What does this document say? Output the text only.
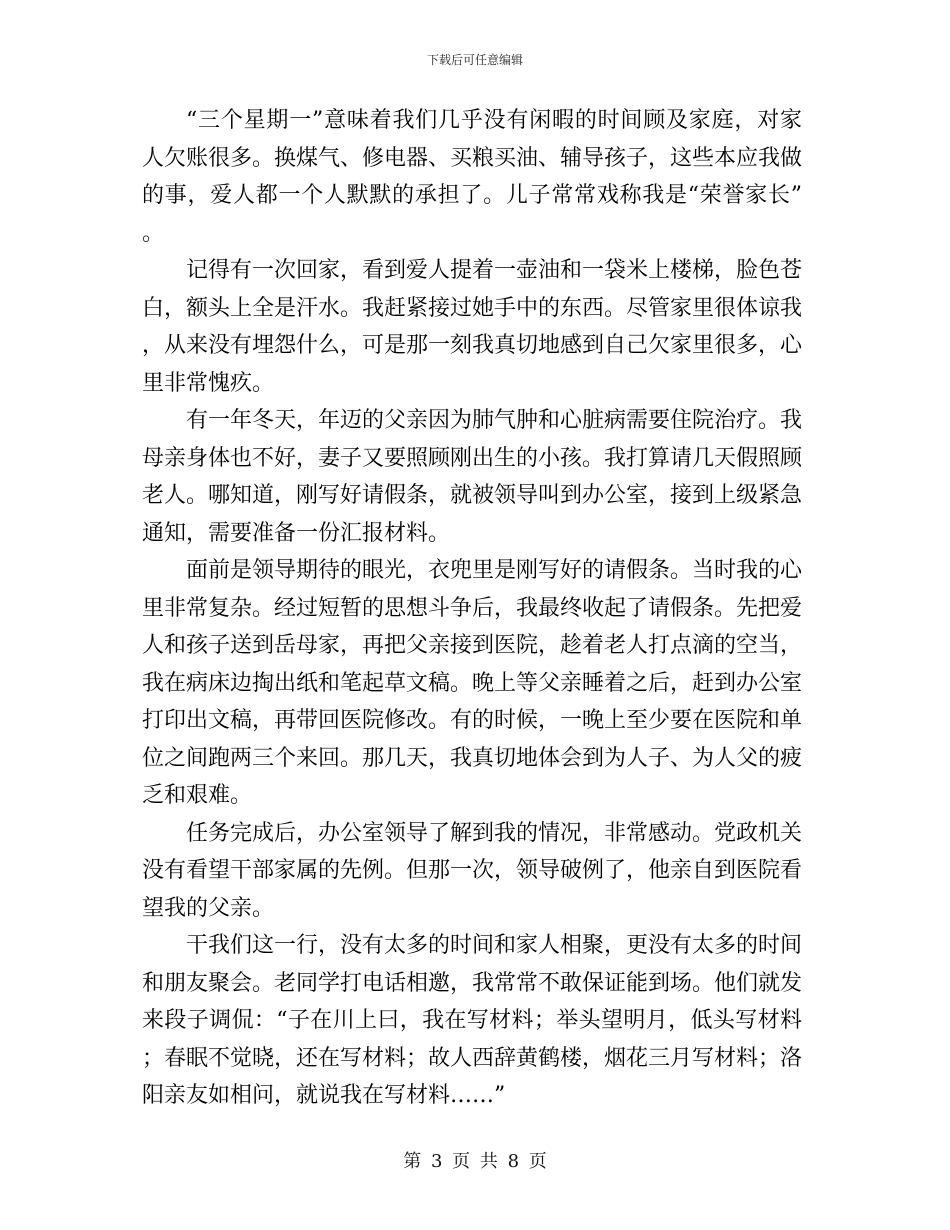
下载后可任意编辑

“三个星期一”意味着我们几乎没有闲暇的时间顾及家庭，对家人欠账很多。换煤气、修电器、买粮买油、辅导孩子，这些本应我做的事，爱人都一个人默默的承担了。儿子常常戏称我是“荣誉家长”。

记得有一次回家，看到爱人提着一壶油和一袋米上楼梯，脸色苍白，额头上全是汗水。我赶紧接过她手中的东西。尽管家里很体谅我，从来没有埋怨什么，可是那一刻我真切地感到自己欠家里很多，心里非常愧疚。

有一年冬天，年迈的父亲因为肺气肿和心脏病需要住院治疗。我母亲身体也不好，妻子又要照顾刚出生的小孩。我打算请几天假照顾老人。哪知道，刚写好请假条，就被领导叫到办公室，接到上级紧急通知，需要准备一份汇报材料。

面前是领导期待的眼光，衣兜里是刚写好的请假条。当时我的心里非常复杂。经过短暂的思想斗争后，我最终收起了请假条。先把爱人和孩子送到岳母家，再把父亲接到医院，趁着老人打点滴的空当，我在病床边掏出纸和笔起草文稿。晚上等父亲睡着之后，赶到办公室打印出文稿，再带回医院修改。有的时候，一晚上至少要在医院和单位之间跑两三个来回。那几天，我真切地体会到为人子、为人父的疲乏和艰难。

任务完成后，办公室领导了解到我的情况，非常感动。党政机关没有看望干部家属的先例。但那一次，领导破例了，他亲自到医院看望我的父亲。

干我们这一行，没有太多的时间和家人相聚，更没有太多的时间和朋友聚会。老同学打电话相邀，我常常不敢保证能到场。他们就发来段子调侃：“子在川上曰，我在写材料；举头望明月，低头写材料；春眠不觉晓，还在写材料；故人西辞黄鹤楼，烟花三月写材料；洛阳亲友如相问，就说我在写材料……”

第 3 页 共 8 页
